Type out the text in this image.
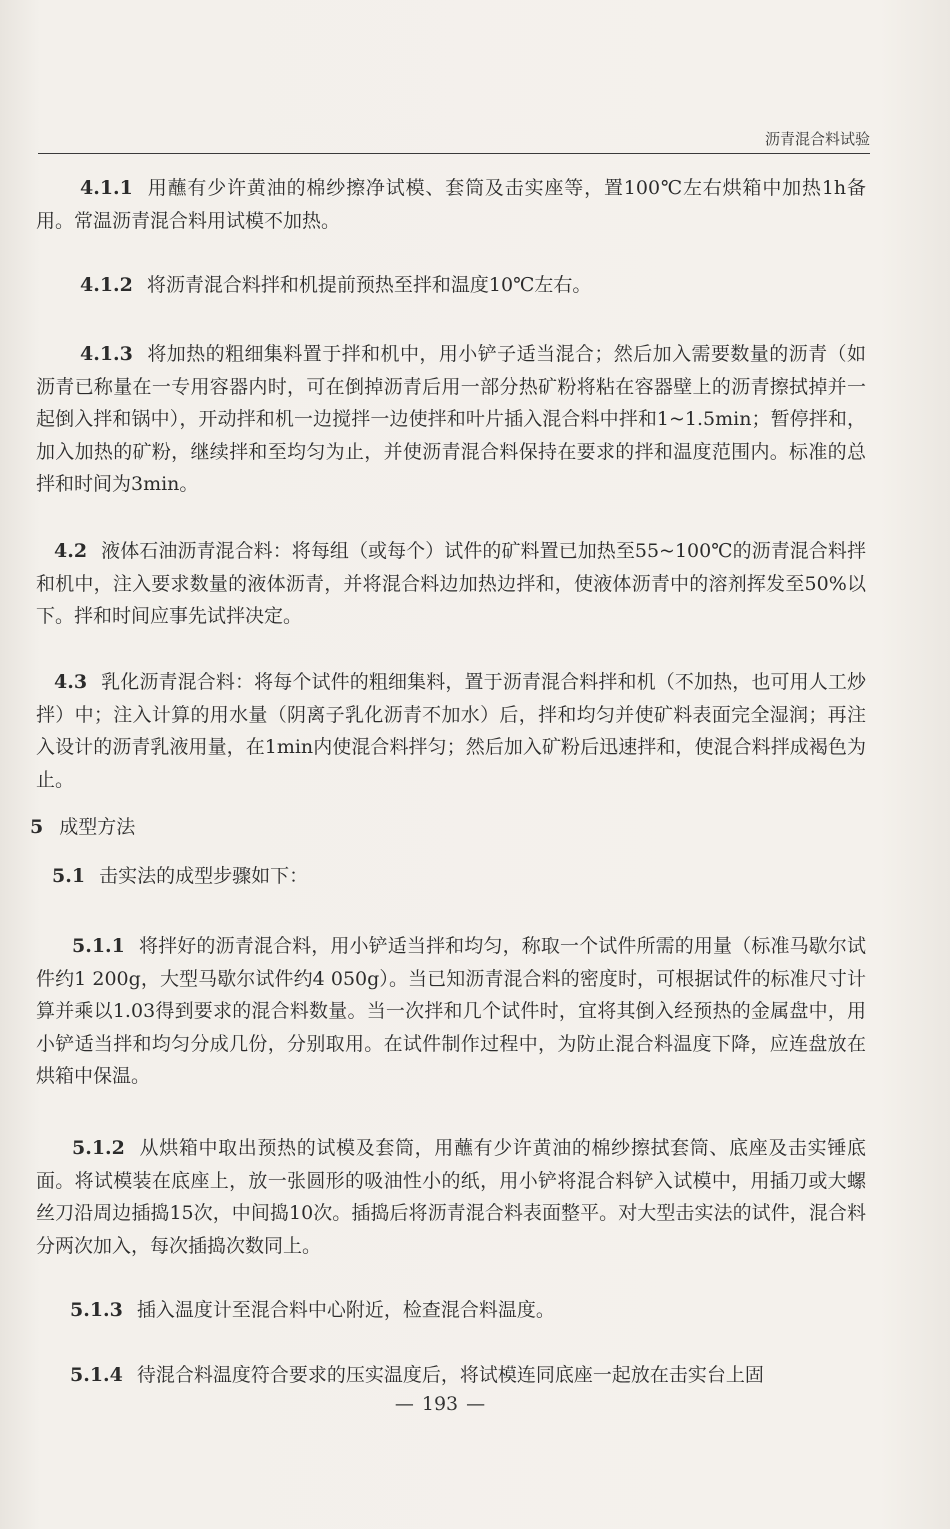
沥青混合料试验

4.1.1 用蘸有少许黄油的棉纱擦净试模、套筒及击实座等，置100℃左右烘箱中加热1h备用。常温沥青混合料用试模不加热。

4.1.2 将沥青混合料拌和机提前预热至拌和温度10℃左右。

4.1.3 将加热的粗细集料置于拌和机中，用小铲子适当混合；然后加入需要数量的沥青（如沥青已称量在一专用容器内时，可在倒掉沥青后用一部分热矿粉将粘在容器壁上的沥青擦拭掉并一起倒入拌和锅中），开动拌和机一边搅拌一边使拌和叶片插入混合料中拌和1~1.5min；暂停拌和，加入加热的矿粉，继续拌和至均匀为止，并使沥青混合料保持在要求的拌和温度范围内。标准的总拌和时间为3min。

4.2 液体石油沥青混合料：将每组（或每个）试件的矿料置已加热至55~100℃的沥青混合料拌和机中，注入要求数量的液体沥青，并将混合料边加热边拌和，使液体沥青中的溶剂挥发至50%以下。拌和时间应事先试拌决定。

4.3 乳化沥青混合料：将每个试件的粗细集料，置于沥青混合料拌和机（不加热，也可用人工炒拌）中；注入计算的用水量（阴离子乳化沥青不加水）后，拌和均匀并使矿料表面完全湿润；再注入设计的沥青乳液用量，在1min内使混合料拌匀；然后加入矿粉后迅速拌和，使混合料拌成褐色为止。

5 成型方法

5.1 击实法的成型步骤如下：

5.1.1 将拌好的沥青混合料，用小铲适当拌和均匀，称取一个试件所需的用量（标准马歇尔试件约1 200g，大型马歇尔试件约4 050g）。当已知沥青混合料的密度时，可根据试件的标准尺寸计算并乘以1.03得到要求的混合料数量。当一次拌和几个试件时，宜将其倒入经预热的金属盘中，用小铲适当拌和均匀分成几份，分别取用。在试件制作过程中，为防止混合料温度下降，应连盘放在烘箱中保温。

5.1.2 从烘箱中取出预热的试模及套筒，用蘸有少许黄油的棉纱擦拭套筒、底座及击实锤底面。将试模装在底座上，放一张圆形的吸油性小的纸，用小铲将混合料铲入试模中，用插刀或大螺丝刀沿周边插捣15次，中间捣10次。插捣后将沥青混合料表面整平。对大型击实法的试件，混合料分两次加入，每次插捣次数同上。

5.1.3 插入温度计至混合料中心附近，检查混合料温度。

5.1.4 待混合料温度符合要求的压实温度后，将试模连同底座一起放在击实台上固

— 193 —
